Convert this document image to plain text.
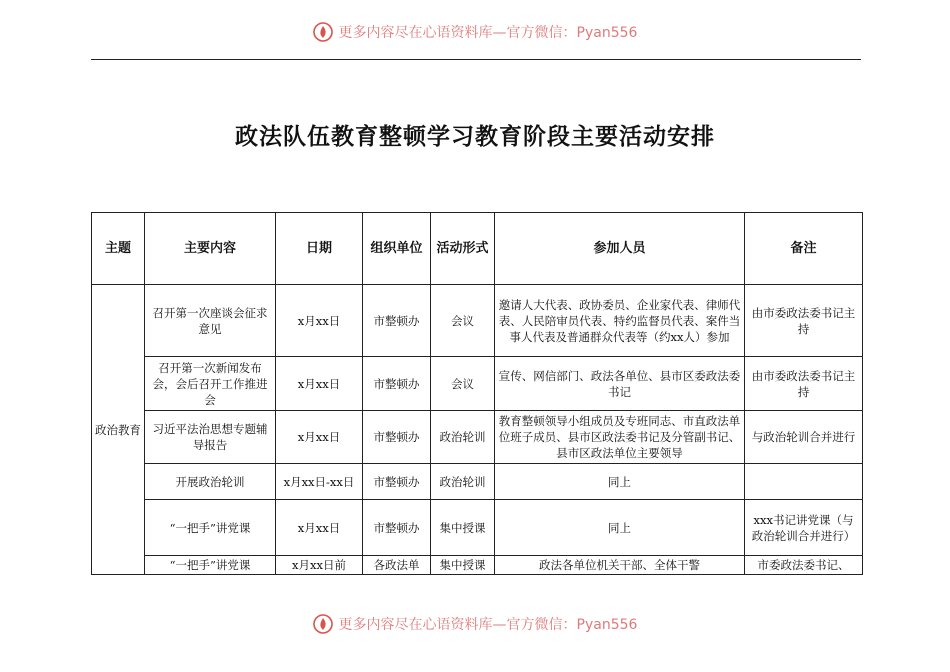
更多内容尽在心语资料库—官方微信：Pyan556
政法队伍教育整顿学习教育阶段主要活动安排
主题	主要内容	日期	组织单位	活动形式	参加人员	备注
政治教育	召开第一次座谈会征求意见	x月xx日	市整顿办	会议	邀请人大代表、政协委员、企业家代表、律师代表、人民陪审员代表、特约监督员代表、案件当事人代表及普通群众代表等（约xx人）参加	由市委政法委书记主持
	召开第一次新闻发布会，会后召开工作推进会	x月xx日	市整顿办	会议	宣传、网信部门、政法各单位、县市区委政法委书记	由市委政法委书记主持
	习近平法治思想专题辅导报告	x月xx日	市整顿办	政治轮训	教育整顿领导小组成员及专班同志、市直政法单位班子成员、县市区政法委书记及分管副书记、县市区政法单位主要领导	与政治轮训合并进行
	开展政治轮训	x月xx日-xx日	市整顿办	政治轮训	同上	
	“一把手”讲党课	x月xx日	市整顿办	集中授课	同上	xxx书记讲党课（与政治轮训合并进行）

	“一把手”讲党课	x月xx日前	各政法单	集中授课	政法各单位机关干部、全体干警	市委政法委书记、
更多内容尽在心语资料库—官方微信：Pyan556
